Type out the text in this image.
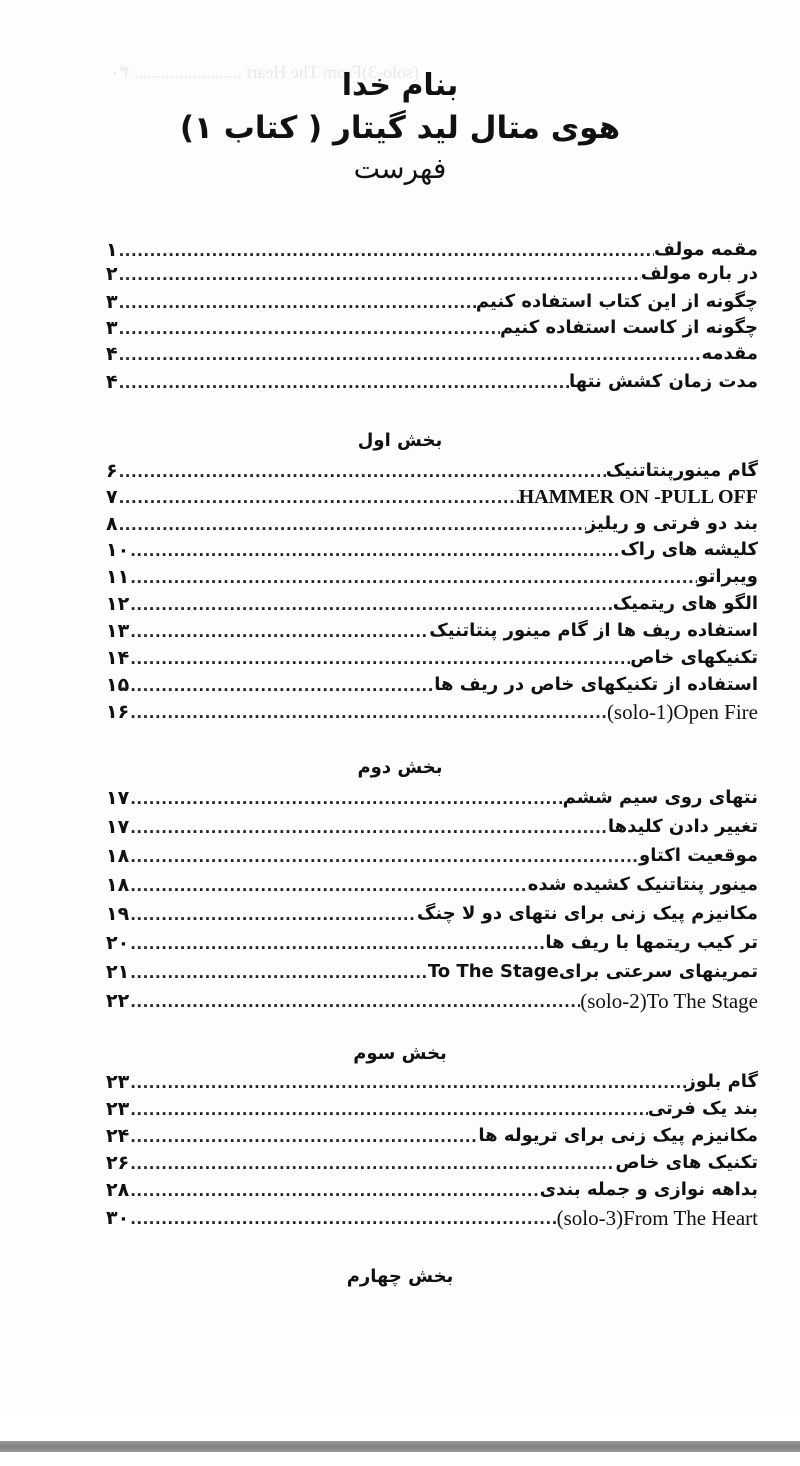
(solo-3)From The Heart ........................ ۳۰
بنام خدا
هوی متال لید گیتار ( کتاب ۱)
فهرست
۱ .....	مقمه مولف
۲ .....	در باره مولف
۳ .....	چگونه از این کتاب استفاده کنیم
۳ .....	چگونه از کاست استفاده کنیم
۴ .....	مقدمه
۴ .....	مدت زمان کشش نتها
بخش اول
۶ .....	گام مینورپنتاتنیک
۷ .....	HAMMER ON -PULL OFF
۸ .....	بند دو فرتی و ریلیز
۱۰ .....	کلیشه های راک
۱۱ .....	ویبراتو
۱۲ .....	الگو های ریتمیک
۱۳ .....	استفاده ریف ها از گام مینور پنتاتنیک
۱۴ .....	تکنیکهای خاص
۱۵ .....	استفاده از تکنیکهای خاص در ریف ها
۱۶ .....	(solo-1)Open Fire
بخش دوم
۱۷ .....	نتهای روی سیم ششم
۱۷ .....	تغییر دادن کلیدها
۱۸ .....	موقعیت اکتاو
۱۸ .....	مینور پنتاتنیک کشیده شده
۱۹ .....	مکانیزم پیک زنی برای نتهای دو لا چنگ
۲۰ .....	تر کیب ریتمها با ریف ها
۲۱ .....	تمرینهای سرعتی برایTo The Stage
۲۲ .....	(solo-2)To The Stage
بخش سوم
۲۳ .....	گام بلوز
۲۳ .....	بند یک فرتی
۲۴ .....	مکانیزم پیک زنی برای تریوله ها
۲۶ .....	تکنیک های خاص
۲۸ .....	بداهه نوازی و جمله بندی
۳۰ .....	(solo-3)From The Heart
بخش چهارم
